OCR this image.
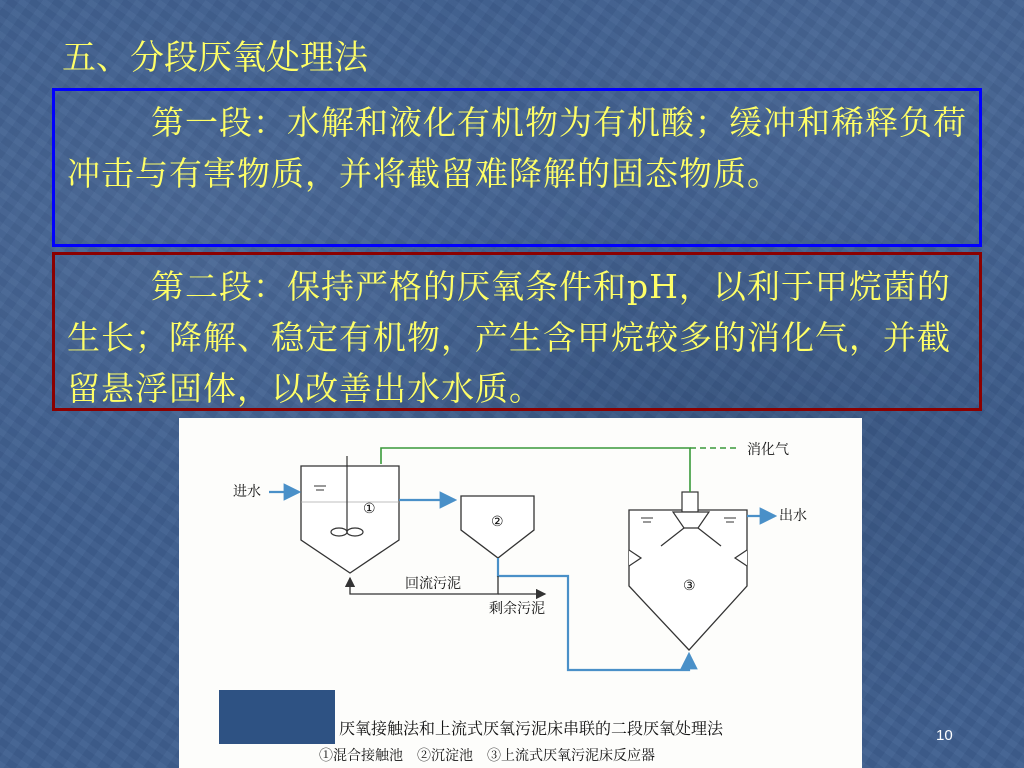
五、分段厌氧处理法
第一段：水解和液化有机物为有机酸；缓冲和稀释负荷冲击与有害物质，并将截留难降解的固态物质。
第二段：保持严格的厌氧条件和pH，以利于甲烷菌的生长；降解、稳定有机物，产生含甲烷较多的消化气，并截留悬浮固体，以改善出水水质。
消化气
进水
出水
回流污泥
剩余污泥
①
②
③
厌氧接触法和上流式厌氧污泥床串联的二段厌氧处理法
①混合接触池　②沉淀池　③上流式厌氧污泥床反应器
10
